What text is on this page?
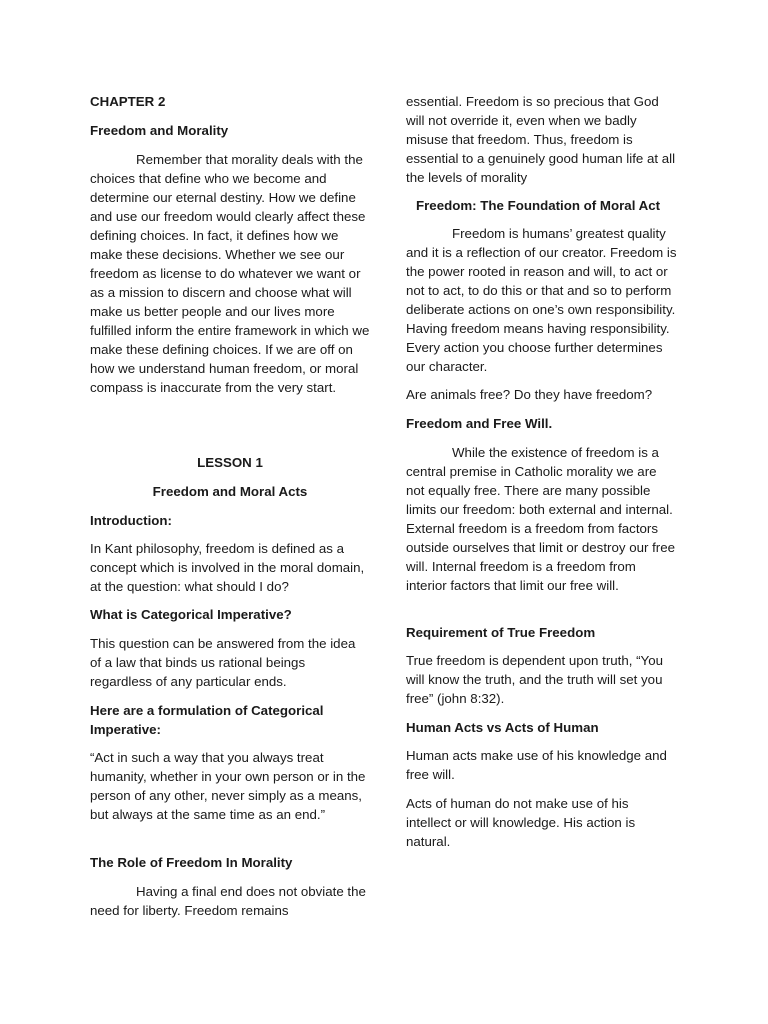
CHAPTER 2

Freedom and Morality

Remember that morality deals with the choices that define who we become and determine our eternal destiny. How we define and use our freedom would clearly affect these defining choices. In fact, it defines how we make these decisions. Whether we see our freedom as license to do whatever we want or as a mission to discern and choose what will make us better people and our lives more fulfilled inform the entire framework in which we make these defining choices. If we are off on how we understand human freedom, or moral compass is inaccurate from the very start.

LESSON 1

Freedom and Moral Acts

Introduction:

In Kant philosophy, freedom is defined as a concept which is involved in the moral domain, at the question: what should I do?

What is Categorical Imperative?

This question can be answered from the idea of a law that binds us rational beings regardless of any particular ends.

Here are a formulation of Categorical Imperative:

“Act in such a way that you always treat humanity, whether in your own person or in the person of any other, never simply as a means, but always at the same time as an end.”

The Role of Freedom In Morality

Having a final end does not obviate the need for liberty. Freedom remains

essential. Freedom is so precious that God will not override it, even when we badly misuse that freedom. Thus, freedom is essential to a genuinely good human life at all the levels of morality

Freedom: The Foundation of Moral Act

Freedom is humans’ greatest quality and it is a reflection of our creator. Freedom is the power rooted in reason and will, to act or not to act, to do this or that and so to perform deliberate actions on one’s own responsibility. Having freedom means having responsibility. Every action you choose further determines our character.

Are animals free? Do they have freedom?

Freedom and Free Will.

While the existence of freedom is a central premise in Catholic morality we are not equally free. There are many possible limits our freedom: both external and internal. External freedom is a freedom from factors outside ourselves that limit or destroy our free will. Internal freedom is a freedom from interior factors that limit our free will.

Requirement of True Freedom

True freedom is dependent upon truth, “You will know the truth, and the truth will set you free” (john 8:32).

Human Acts vs Acts of Human

Human acts make use of his knowledge and free will.

Acts of human do not make use of his intellect or will knowledge. His action is natural.
